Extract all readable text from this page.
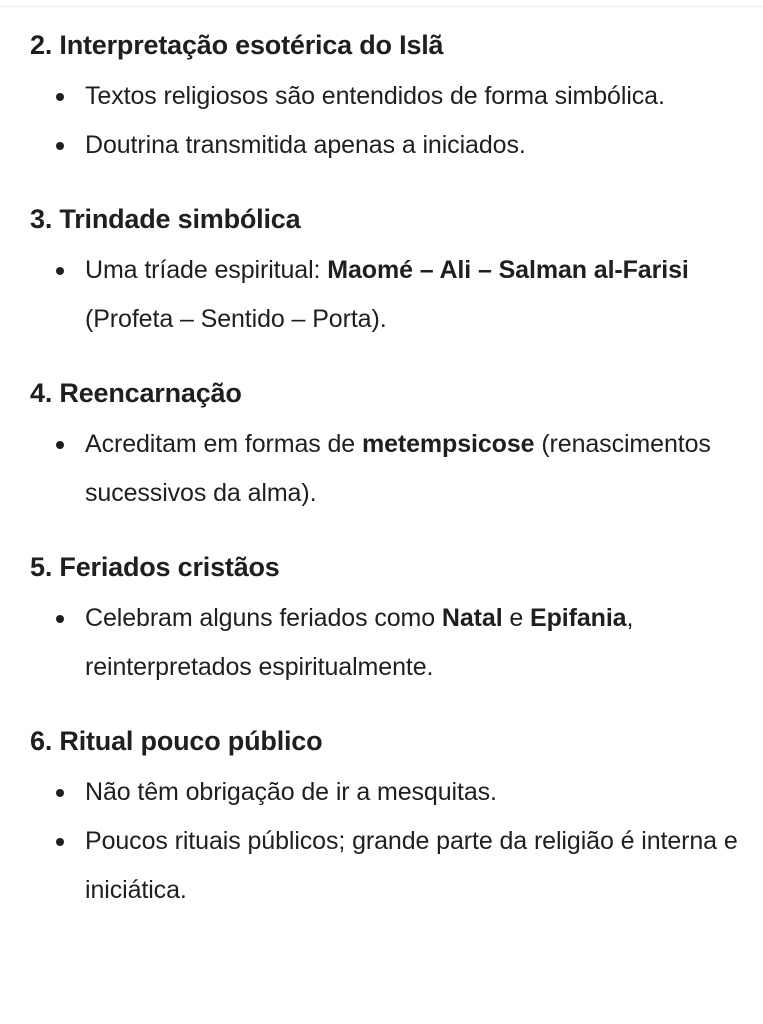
2. Interpretação esotérica do Islã
Textos religiosos são entendidos de forma simbólica.
Doutrina transmitida apenas a iniciados.
3. Trindade simbólica
Uma tríade espiritual: Maomé – Ali – Salman al-Farisi (Profeta – Sentido – Porta).
4. Reencarnação
Acreditam em formas de metempsicose (renascimentos sucessivos da alma).
5. Feriados cristãos
Celebram alguns feriados como Natal e Epifania, reinterpretados espiritualmente.
6. Ritual pouco público
Não têm obrigação de ir a mesquitas.
Poucos rituais públicos; grande parte da religião é interna e iniciática.
